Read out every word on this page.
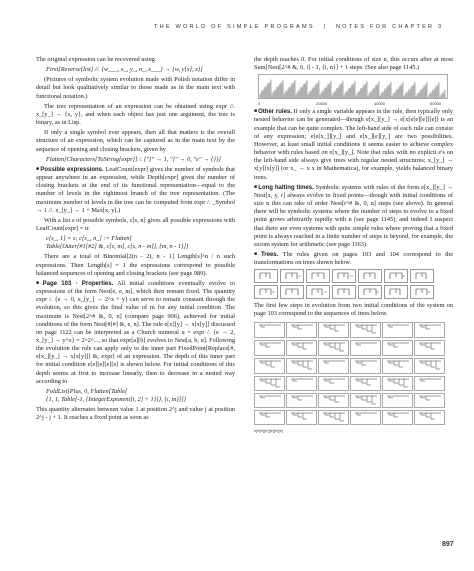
THE WORLD OF SIMPLE PROGRAMS | NOTES FOR CHAPTER 3

The original expression can be recovered using

First[Reverse[list] //. {w___, x_, y_, n_, z___} → {w, y[x], z}]

(Pictures of symbolic system evolution made with Polish notation differ in detail but look qualitatively similar to those made as in the main text with functional notation.)

The tree representation of an expression can be obtained using expr //. x_[y_] → {x, y}, and when each object has just one argument, the tree is binary, as in Lisp.

If only a single symbol ever appears, then all that matters is the overall structure of an expression, which can be captured as in the main text by the sequence of opening and closing brackets, given by

Flatten[Characters[ToString[expr]] /. {"[" → 1, "]" → 0, "e" → {}}]

■Possible expressions. LeafCount[expr] gives the number of symbols that appear anywhere in an expression, while Depth[expr] gives the number of closing brackets at the end of its functional representation—equal to the number of levels in the rightmost branch of the tree representation. (The maximum number of levels in the tree can be computed from expr /. _Symbol → 1 //. x_[y_] → 1 + Max[x, y].)

With a list s of possible symbols, c[s, n] gives all possible expressions with LeafCount[expr] = n:

c[s_, 1] = s; c[s_, n_] := Flatten[
Table[Outer[#1[#2] &, c[s, m], c[s, n - m]], {m, n - 1}]]

There are a total of Binomial[2(n - 2), n - 1] Length[s]^n / n such expressions. Then Length[s] = 1 the expressions correspond to possible balanced sequences of opening and closing brackets (see page 989).

■Page 103 · Properties. All initial conditions eventually evolve to expressions of the form Nest[e, e, m], which then remain fixed. The quantity expr /. {e → 0, x_[y_] → 2^x + y} can serve to remain constant through the evolution, so this gives the final value of m for any initial condition. The maximum is Nest[2^# &, 0, n] (compare page 906), achieved for initial conditions of the form Nest[#[#] &, e, n]. The rule e[x][y] → x[x[y]] discussed on page 1122 can be interpreted as a Church numeral u = expr /. {e → 2, x_[y_] → y^x} = 2^2^..., so that expr[a][b] evolves to Nest[a, b, u]. Following the evolution the rule can apply only to the inner part FixedPoint[Replace[#, e[x_][y_] → x[x[y]]] &, expr] of an expression. The depth of this inner part for initial condition e[e][e][e][e] is shown below. For initial conditions of this depth seems at first to increase linearly, then to decrease in a nested way according to

FoldList[Plus, 0, Flatten[Table[
{1, 1, Table[-1, {IntegerExponent[i, 2] + 1}]}, {i, m}]]]

This quantity alternates between value 1 at position 2^j and value j at position 2^j - j + 1. It reaches a fixed point as soon as

the depth reaches 0. For initial conditions of size n, this occurs after at most Sum[Nest[2^# &, 0, i] - 1, {i, n}] + 1 steps. (See also page 1145.)

0	20000	40000	60000

■Other rules. If only a single variable appears in the rule, then typically only nested behavior can be generated—though e[x_][y_] → e[x[e[e][e]][e]] is an example that can be quite complex. The left-hand side of each rule can consist of any expression; e[e[x_]][y_] and e[x_][e][y_] are two possibilities. However, at least small initial conditions it seems easier to achieve complex behavior with rules based on e[x_][y_]. Note that rules with no explicit e's on the left-hand side always give trees with regular nested structures; x_[y_] → x[y][x[y]] (or x_ → x x in Mathematica), for example, yields balanced binary trees.

■Long halting times. Symbolic systems with rules of the form e[x_][y_] → Nest[x, y, r] always evolve to fixed points—though with initial conditions of size n this can take of order Nest[r^# &, 0, n] steps (see above). In general there will be symbolic systems where the number of steps to evolve to a fixed point grows arbitrarily rapidly with n (see page 1145), and indeed I suspect that there are even systems with quite simple rules where proving that a fixed point is always reached in a finite number of steps is beyond, for example, the axiom system for arithmetic (see page 1163).

■Trees. The rules given on pages 103 and 104 correspond to the transformations on trees shown below.

The first few steps in evolution from two initial conditions of the system on page 103 correspond to the sequences of trees below.

e[e[e][e]][e][e][e]
897
